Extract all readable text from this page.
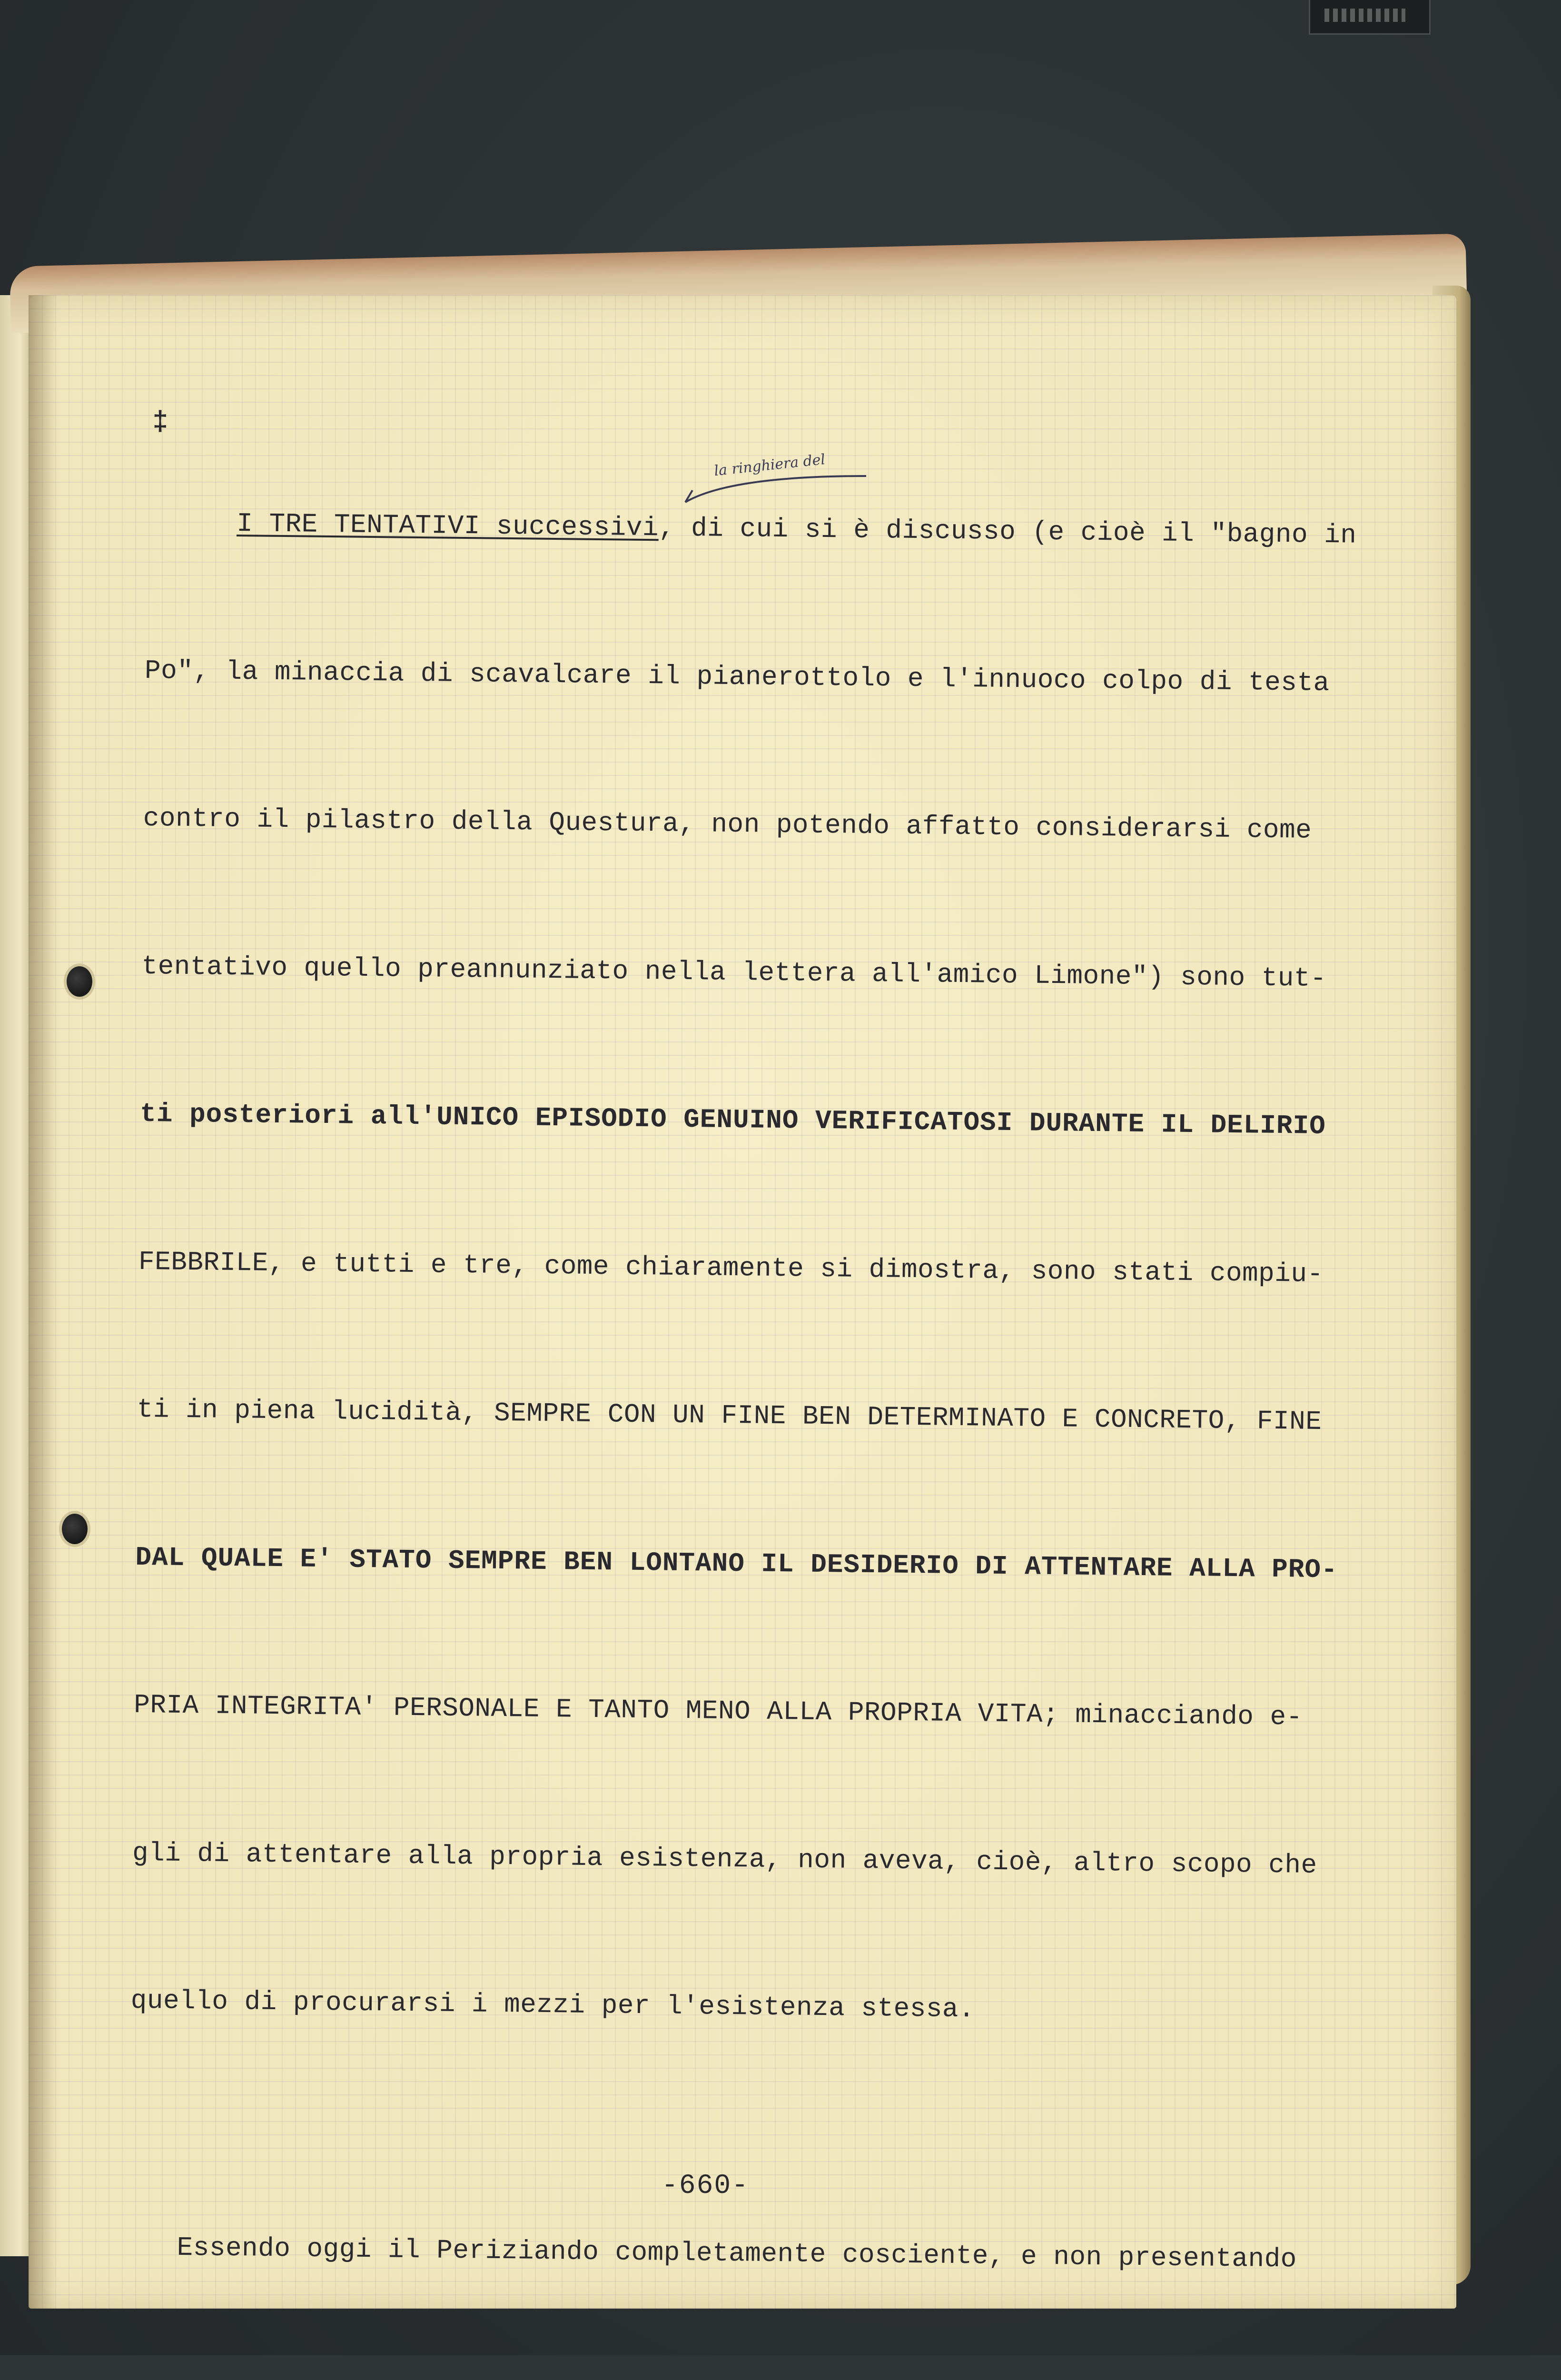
‡

I TRE TENTATIVI successivi, di cui si è discusso (e cioè il "bagno in

Po", la minaccia di scavalcare il pianerottolo e l'innuoco colpo di testa

contro il pilastro della Questura, non potendo affatto considerarsi come

tentativo quello preannunziato nella lettera all'amico Limone") sono tut-

ti posteriori all'UNICO EPISODIO GENUINO VERIFICATOSI DURANTE IL DELIRIO

FEBBRILE, e tutti e tre, come chiaramente si dimostra, sono stati compiu-

ti in piena lucidità, SEMPRE CON UN FINE BEN DETERMINATO E CONCRETO, FINE

DAL QUALE E' STATO SEMPRE BEN LONTANO IL DESIDERIO DI ATTENTARE ALLA PRO-

PRIA INTEGRITA' PERSONALE E TANTO MENO ALLA PROPRIA VITA; minacciando e-

gli di attentare alla propria esistenza, non aveva, cioè, altro scopo che

quello di procurarsi i mezzi per l'esistenza stessa.

Essendo oggi il Periziando completamente cosciente, e non presentando

la ringhiera del
-660-
